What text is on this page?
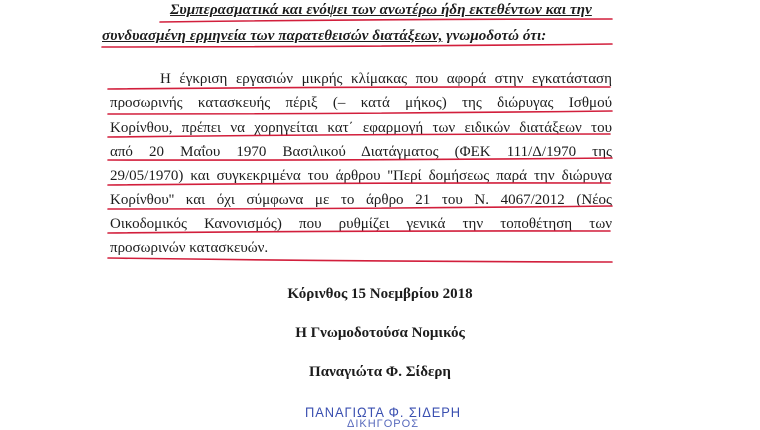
Συμπερασματικά και ενόψει των ανωτέρω ήδη εκτεθέντων και την
συνδυασμένη ερμηνεία των παρατεθεισών διατάξεων, γνωμοδοτώ ότι:
Η έγκριση εργασιών μικρής κλίμακας που αφορά στην εγκατάσταση
προσωρινής κατασκευής πέριξ (– κατά μήκος) της διώρυγας Ισθμού
Κορίνθου, πρέπει να χορηγείται κατ΄ εφαρμογή των ειδικών διατάξεων του
από 20 Μαΐου 1970 Βασιλικού Διατάγματος (ΦΕΚ 111/Δ/1970 της
29/05/1970) και συγκεκριμένα του άρθρου ''Περί δομήσεως παρά την διώρυγα
Κορίνθου'' και όχι σύμφωνα με το άρθρο 21 του Ν. 4067/2012 (Νέος
Οικοδομικός Κανονισμός) που ρυθμίζει γενικά την τοποθέτηση των
προσωρινών κατασκευών.
Κόρινθος 15 Νοεμβρίου 2018
Η Γνωμοδοτούσα Νομικός
Παναγιώτα Φ. Σίδερη
ΠΑΝΑΓΙΩΤΑ Φ. ΣΙΔΕΡΗ
ΔΙΚΗΓΟΡΟΣ
